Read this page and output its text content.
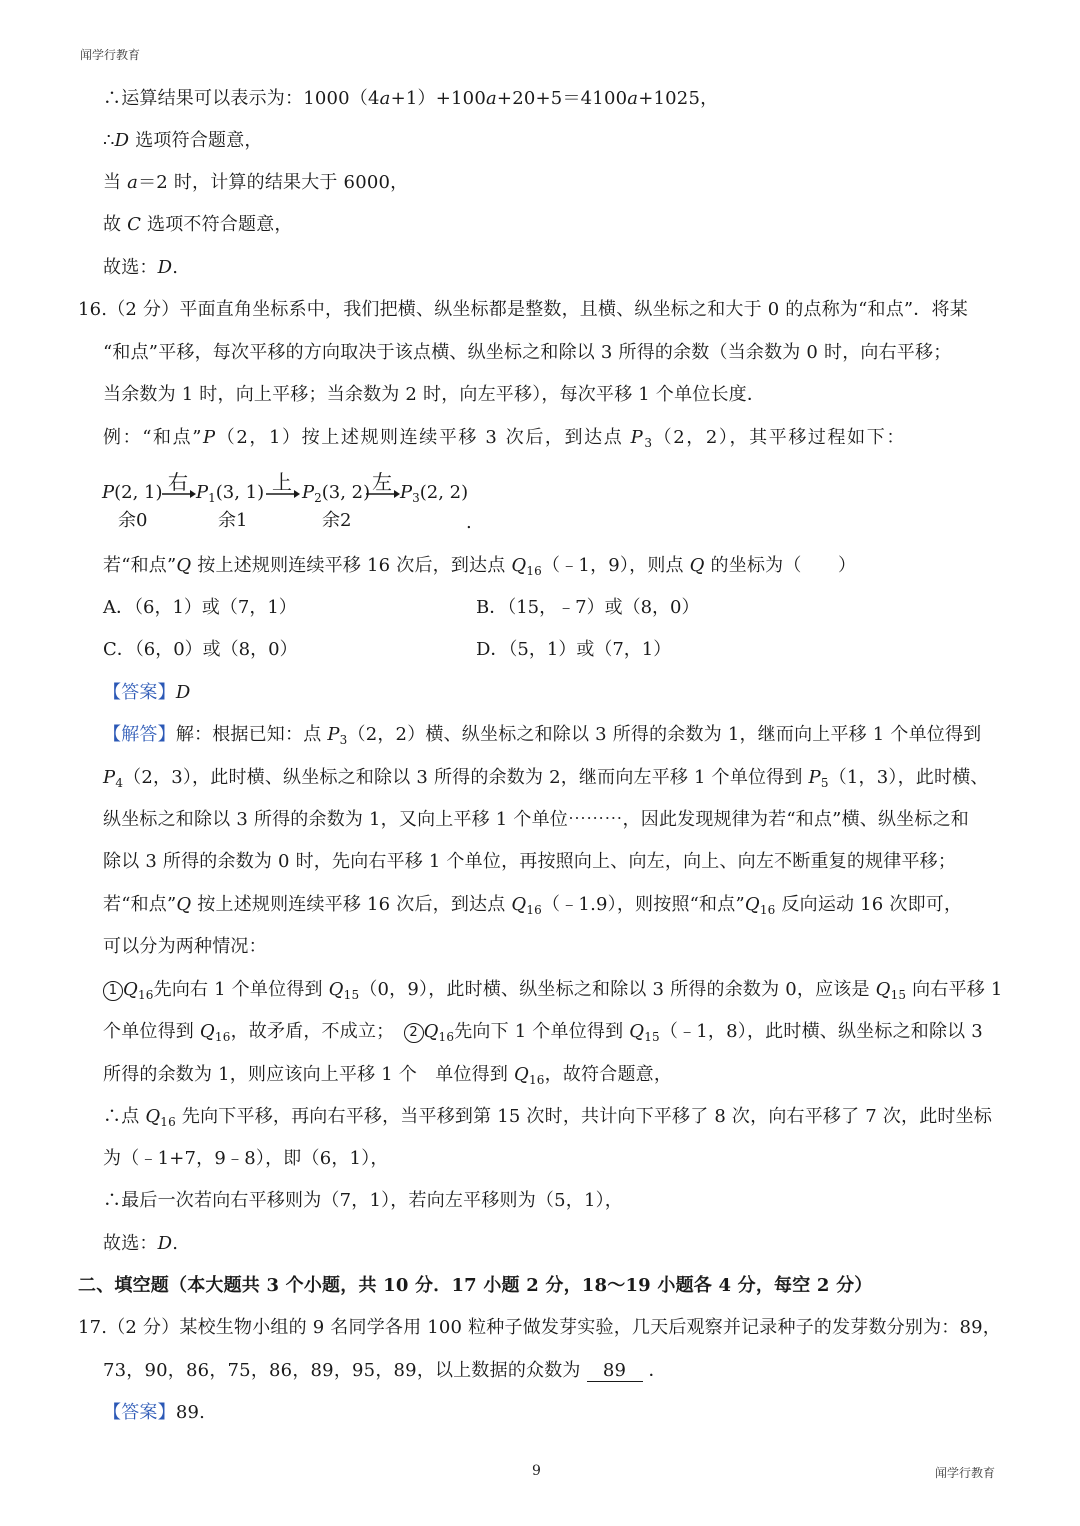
闻学行教育
∴运算结果可以表示为：1000（4a+1）+100a+20+5＝4100a+1025，
∴D 选项符合题意，
当 a＝2 时，计算的结果大于 6000，
故 C 选项不符合题意，
故选：D.
16.（2 分）平面直角坐标系中，我们把横、纵坐标都是整数，且横、纵坐标之和大于 0 的点称为“和点”．将某
“和点”平移，每次平移的方向取决于该点横、纵坐标之和除以 3 所得的余数（当余数为 0 时，向右平移；
当余数为 1 时，向上平移；当余数为 2 时，向左平移），每次平移 1 个单位长度．
例：“和点”P（2，1）按上述规则连续平移 3 次后，到达点 $P_3(2$，2），其平移过程如下：
P(2, 1) $P_1(3$, 1) $P_2(3$, 2) $P_3(2$, 2)
右	上	左
余0	余1	余2	.
若“和点”Q 按上述规则连续平移 16 次后，到达点 $Q_{16}(﹣1$，9），则点 Q 的坐标为（　　）
A．（6，1）或（7，1）	B．（15，﹣7）或（8，0）
C．（6，0）或（8，0）	D．（5，1）或（7，1）
【答案】D
【解答】解：根据已知：点 $P_3(2$，2）横、纵坐标之和除以 3 所得的余数为 1，继而向上平移 1 个单位得到
$P_4(2$，3），此时横、纵坐标之和除以 3 所得的余数为 2，继而向左平移 1 个单位得到 $P_5(1$，3），此时横、
纵坐标之和除以 3 所得的余数为 1，又向上平移 1 个单位⋯⋯⋯，因此发现规律为若“和点”横、纵坐标之和
除以 3 所得的余数为 0 时，先向右平移 1 个单位，再按照向上、向左，向上、向左不断重复的规律平移；
若“和点”Q 按上述规则连续平移 16 次后，到达点 $Q_{16}(﹣1.9)$，则按照“和点$”Q_{16}$ 反向运动 16 次即可，
可以分为两种情况：
1 $Q_{16}$先向右 1 个单位得到 $Q_{15}(0$，9），此时横、纵坐标之和除以 3 所得的余数为 0，应该是 $Q_{15}$ 向右平移 1
个单位得到 $Q_{16}$，故矛盾，不成立；　2 $Q_{16}$先向下 1 个单位得到 $Q_{15}(﹣1$，8），此时横、纵坐标之和除以 3
所得的余数为 1，则应该向上平移 1 个　单位得到 $Q_{16}$，故符合题意，
∴点 $Q_{16}$ 先向下平移，再向右平移，当平移到第 15 次时，共计向下平移了 8 次，向右平移了 7 次，此时坐标
为（﹣1+7，9﹣8），即（6，1），
∴最后一次若向右平移则为（7，1），若向左平移则为（5，1），
故选：D.
二、填空题（本大题共 3 个小题，共 10 分．17 小题 2 分，18～19 小题各 4 分，每空 2 分）
17.（2 分）某校生物小组的 9 名同学各用 100 粒种子做发芽实验，几天后观察并记录种子的发芽数分别为：89，
73，90，86，75，86，89，95，89，以上数据的众数为 89 ．
【答案】89.
9	闻学行教育
